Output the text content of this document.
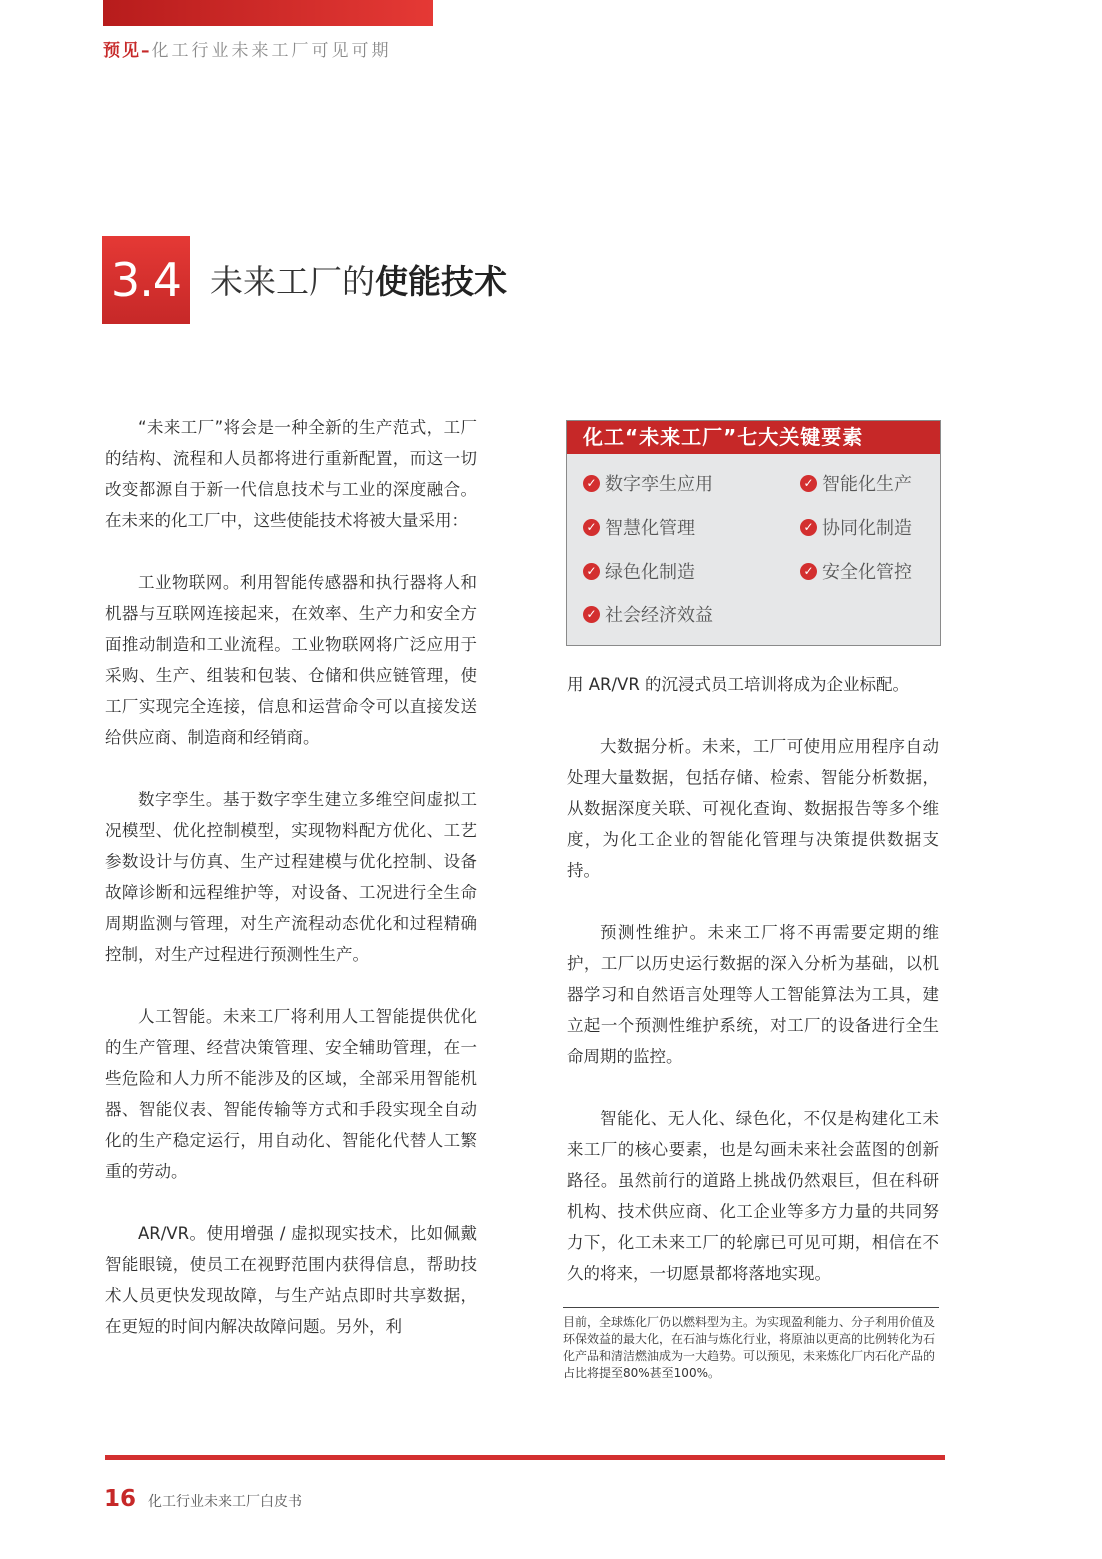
预见–化工行业未来工厂可见可期
3.4 未来工厂的使能技术

“未来工厂”将会是一种全新的生产范式，工厂的结构、流程和人员都将进行重新配置，而这一切改变都源自于新一代信息技术与工业的深度融合。在未来的化工厂中，这些使能技术将被大量采用：

工业物联网。利用智能传感器和执行器将人和机器与互联网连接起来，在效率、生产力和安全方面推动制造和工业流程。工业物联网将广泛应用于采购、生产、组装和包装、仓储和供应链管理，使工厂实现完全连接，信息和运营命令可以直接发送给供应商、制造商和经销商。

数字孪生。基于数字孪生建立多维空间虚拟工况模型、优化控制模型，实现物料配方优化、工艺参数设计与仿真、生产过程建模与优化控制、设备故障诊断和远程维护等，对设备、工况进行全生命周期监测与管理，对生产流程动态优化和过程精确控制，对生产过程进行预测性生产。

人工智能。未来工厂将利用人工智能提供优化的生产管理、经营决策管理、安全辅助管理，在一些危险和人力所不能涉及的区域，全部采用智能机器、智能仪表、智能传输等方式和手段实现全自动化的生产稳定运行，用自动化、智能化代替人工繁重的劳动。

AR/VR。使用增强 / 虚拟现实技术，比如佩戴智能眼镜，使员工在视野范围内获得信息，帮助技术人员更快发现故障，与生产站点即时共享数据，在更短的时间内解决故障问题。另外，利

化工“未来工厂”七大关键要素
✓ 数字孪生应用	✓ 智能化生产
✓ 智慧化管理	✓ 协同化制造
✓ 绿色化制造	✓ 安全化管控
✓ 社会经济效益

用 AR/VR 的沉浸式员工培训将成为企业标配。

大数据分析。未来，工厂可使用应用程序自动处理大量数据，包括存储、检索、智能分析数据，从数据深度关联、可视化查询、数据报告等多个维度，为化工企业的智能化管理与决策提供数据支持。

预测性维护。未来工厂将不再需要定期的维护，工厂以历史运行数据的深入分析为基础，以机器学习和自然语言处理等人工智能算法为工具，建立起一个预测性维护系统，对工厂的设备进行全生命周期的监控。

智能化、无人化、绿色化，不仅是构建化工未来工厂的核心要素，也是勾画未来社会蓝图的创新路径。虽然前行的道路上挑战仍然艰巨，但在科研机构、技术供应商、化工企业等多方力量的共同努力下，化工未来工厂的轮廓已可见可期，相信在不久的将来，一切愿景都将落地实现。

目前，全球炼化厂仍以燃料型为主。为实现盈利能力、分子利用价值及环保效益的最大化，在石油与炼化行业，将原油以更高的比例转化为石化产品和清洁燃油成为一大趋势。可以预见，未来炼化厂内石化产品的占比将提至80%甚至100%。
16 化工行业未来工厂白皮书
